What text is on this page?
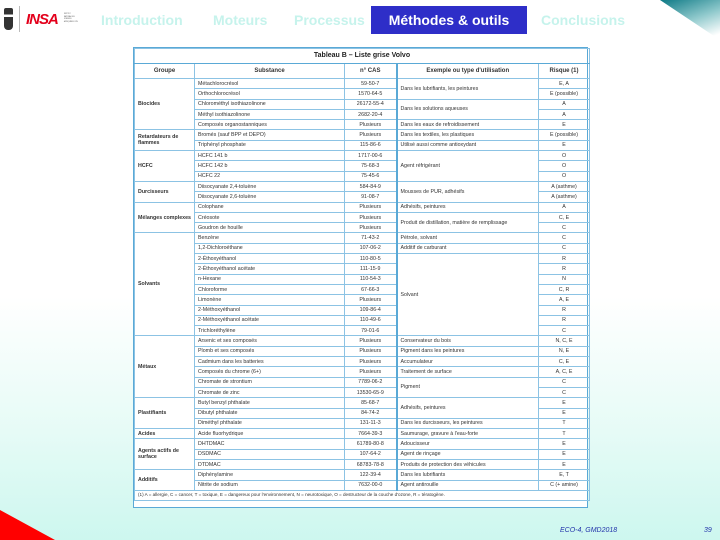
INSA	INSTITUT NATIONAL DES SCIENCES APPLIQUÉES LYON Introduction Moteurs Processus	Méthodes & outils	Conclusions
Tableau B – Liste grise Volvo				
Groupe	Substance	n° CAS	Exemple ou type d'utilisation	Risque (1)
Biocides	Métachlorocrésol	59-50-7	Dans les lubrifiants, les peintures	E, A
	Orthochlorocrésol	1570-64-5		E (possible)
	Chlorométhyl isothiazolinone	26172-55-4	Dans les solutions aqueuses	A
	Méthyl isothiazolinone	2682-20-4		A
	Composés organostanniques	Plusieurs	Dans les eaux de refroidissement	E
Retardateurs de flammes	Bromés (sauf BPP et DEPO)	Plusieurs	Dans les textiles, les plastiques	E (possible)
	Triphényl phosphate	115-86-6	Utilisé aussi comme antioxydant	E
HCFC	HCFC 141 b	1717-00-6	Agent réfrigérant	O
	HCFC 142 b	75-68-3		O
	HCFC 22	75-45-6		O
Durcisseurs	Diisocyanate 2,4-toluène	584-84-9	Mousses de PUR, adhésifs	A (asthme)
	Diisocyanate 2,6-toluène	91-08-7		A (asthme)
Mélanges complexes	Colophane	Plusieurs	Adhésifs, peintures	A
	Créosote	Plusieurs	Produit de distillation, matière de remplissage	C, E
	Goudron de houille	Plusieurs		C
Solvants	Benzène	71-43-2	Pétrole, solvant	C
	1,2-Dichloroéthane	107-06-2	Additif de carburant	C
	2-Éthoxyéthanol	110-80-5	Solvant	R
	2-Éthoxyéthanol acétate	111-15-9		R
	n-Hexane	110-54-3		N
	Chloroforme	67-66-3		C, R
	Limonène	Plusieurs		A, E
	2-Méthoxyéthanol	109-86-4		R
	2-Méthoxyéthanol acétate	110-49-6		R
	Trichloréthylène	79-01-6		C
Métaux	Arsenic et ses composés	Plusieurs	Conservateur du bois	N, C, E
	Plomb et ses composés	Plusieurs	Pigment dans les peintures	N, E
	Cadmium dans les batteries	Plusieurs	Accumulateur	C, E
	Composés du chrome (6+)	Plusieurs	Traitement de surface	A, C, E
	Chromate de strontium	7789-06-2	Pigment	C
	Chromate de zinc	13530-65-9		C
Plastifiants	Butyl benzyl phthalate	85-68-7	Adhésifs, peintures	E
	Dibutyl phthalate	84-74-2		E
	Diméthyl phthalate	131-11-3	Dans les durcisseurs, les peintures	T
Acides	Acide fluorhydrique	7664-39-3	Saumurage, gravure à l'eau-forte	T
Agents actifs de surface	DHTDMAC	61789-80-8	Adoucisseur	E
	DSDMAC	107-64-2	Agent de rinçage	E
	DTDMAC	68783-78-8	Produits de protection des véhicules	E
Additifs	Diphénylamine	122-39-4	Dans les lubrifiants	E, T
	Nitrite de sodium	7632-00-0	Agent antirouille	C (+ amine)
(1) A = allergie, C = cancer, T = toxique, E = dangereux pour l'environnement, N = neurotoxique, O = destructeur de la couche d'ozone, R = tératogène.				
ECO-4, GMD2018	39
